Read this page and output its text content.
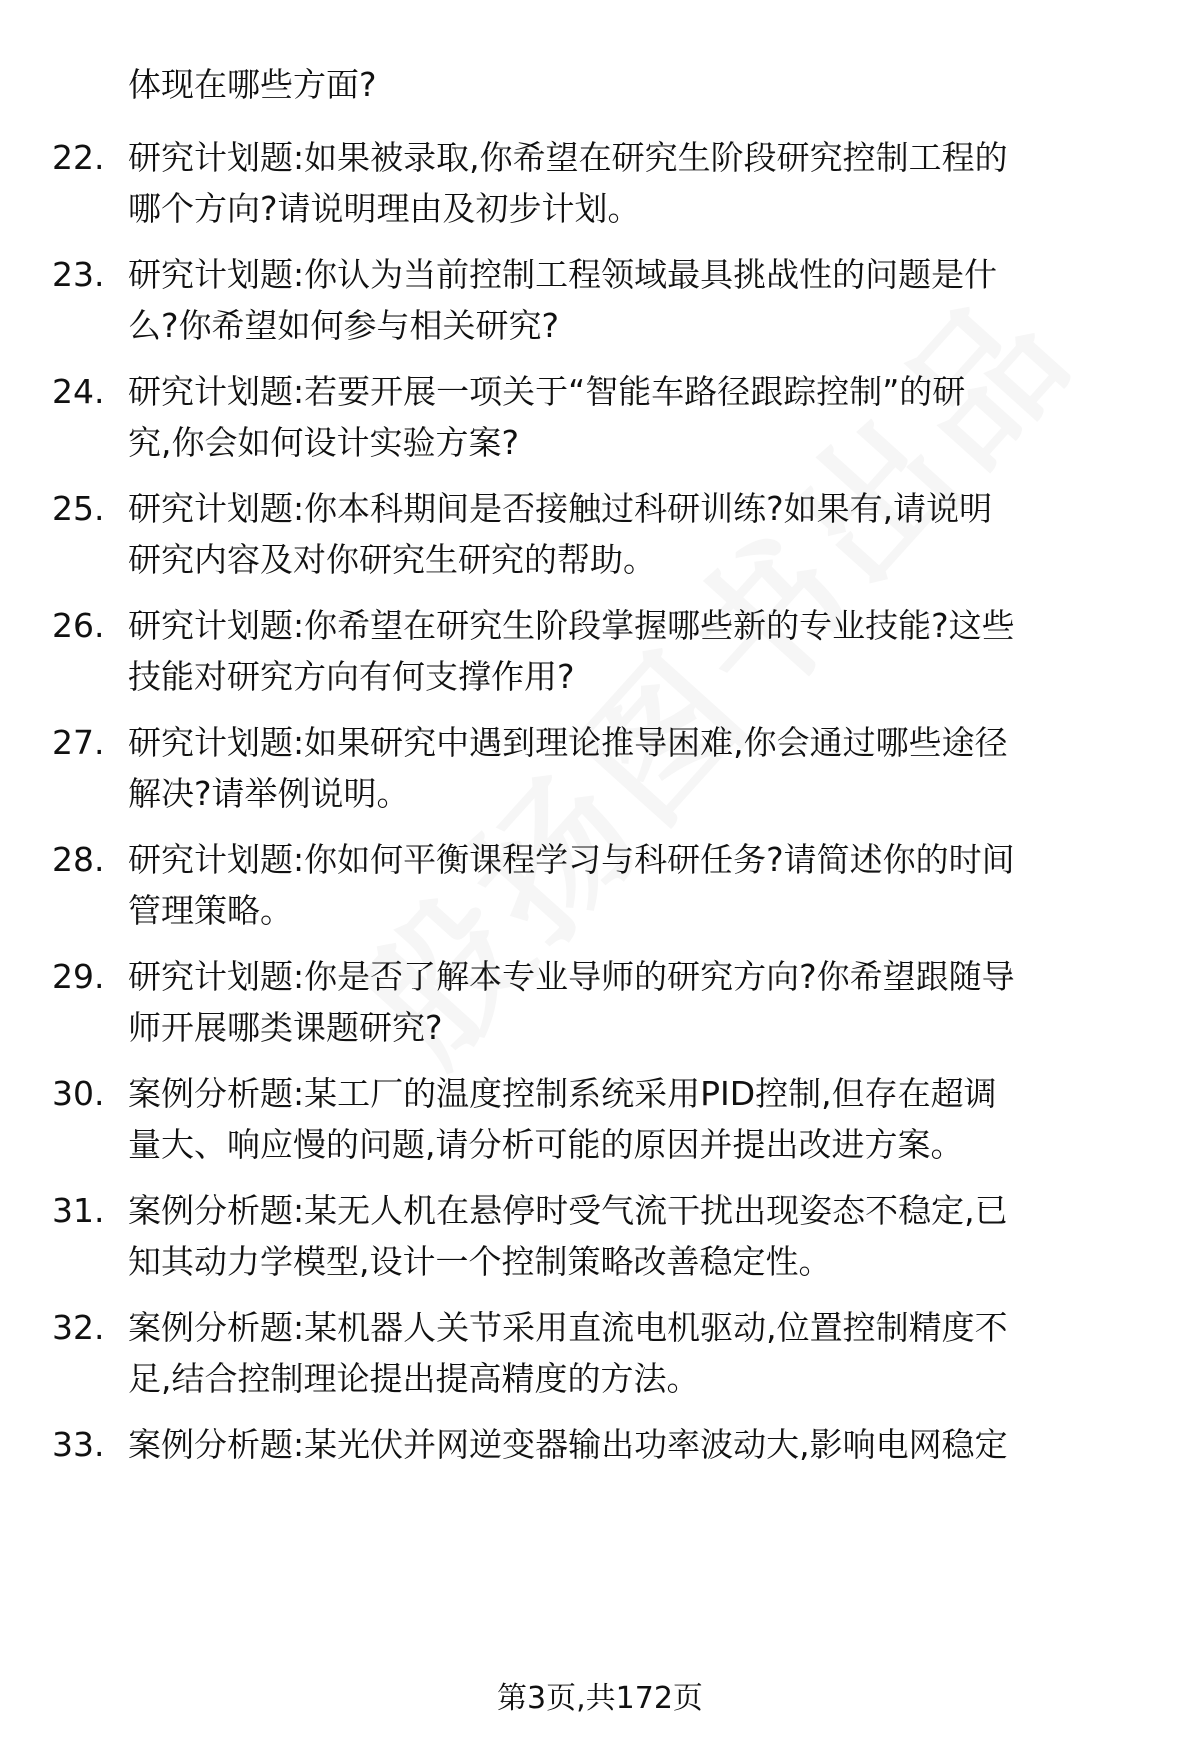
体现在哪些方面?
22. 研究计划题:如果被录取,你希望在研究生阶段研究控制工程的
哪个方向?请说明理由及初步计划。
23. 研究计划题:你认为当前控制工程领域最具挑战性的问题是什
么?你希望如何参与相关研究?
24. 研究计划题:若要开展一项关于“智能车路径跟踪控制”的研
究,你会如何设计实验方案?
25. 研究计划题:你本科期间是否接触过科研训练?如果有,请说明
研究内容及对你研究生研究的帮助。
26. 研究计划题:你希望在研究生阶段掌握哪些新的专业技能?这些
技能对研究方向有何支撑作用?
27. 研究计划题:如果研究中遇到理论推导困难,你会通过哪些途径
解决?请举例说明。
28. 研究计划题:你如何平衡课程学习与科研任务?请简述你的时间
管理策略。
29. 研究计划题:你是否了解本专业导师的研究方向?你希望跟随导
师开展哪类课题研究?
30. 案例分析题:某工厂的温度控制系统采用PID控制,但存在超调
量大、响应慢的问题,请分析可能的原因并提出改进方案。
31. 案例分析题:某无人机在悬停时受气流干扰出现姿态不稳定,已
知其动力学模型,设计一个控制策略改善稳定性。
32. 案例分析题:某机器人关节采用直流电机驱动,位置控制精度不
足,结合控制理论提出提高精度的方法。
33. 案例分析题:某光伏并网逆变器输出功率波动大,影响电网稳定
第3页,共172页
